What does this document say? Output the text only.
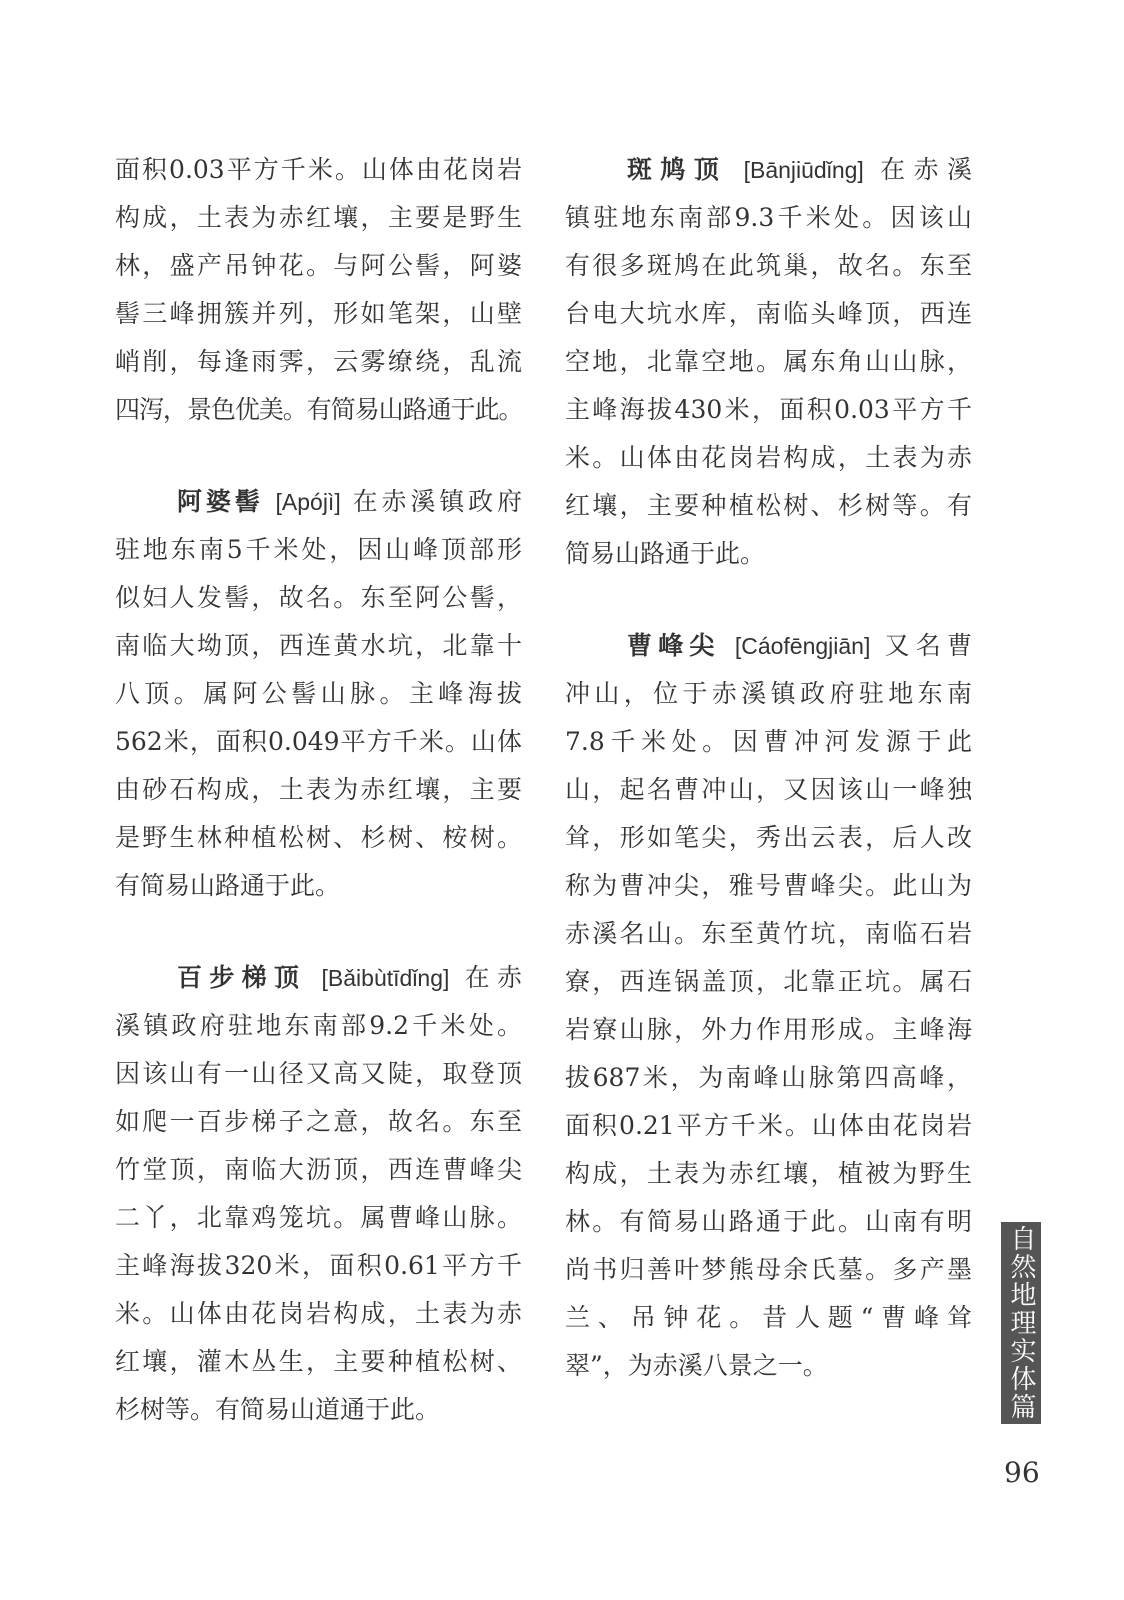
面积0.03平方千米。山体由花岗岩
构成，土表为赤红壤，主要是野生
林，盛产吊钟花。与阿公髻，阿婆
髻三峰拥簇并列，形如笔架，山壁
峭削，每逢雨霁，云雾缭绕，乱流
四泻，景色优美。有简易山路通于此。
阿婆髻 [Apójì] 在赤溪镇政府
驻地东南5千米处，因山峰顶部形
似妇人发髻，故名。东至阿公髻，
南临大坳顶，西连黄水坑，北靠十
八顶。属阿公髻山脉。主峰海拔
562米，面积0.049平方千米。山体
由砂石构成，土表为赤红壤，主要
是野生林种植松树、杉树、桉树。
有简易山路通于此。
百步梯顶 [Bǎibùtīdǐng] 在赤
溪镇政府驻地东南部9.2千米处。
因该山有一山径又高又陡，取登顶
如爬一百步梯子之意，故名。东至
竹堂顶，南临大沥顶，西连曹峰尖
二丫，北靠鸡笼坑。属曹峰山脉。
主峰海拔320米，面积0.61平方千
米。山体由花岗岩构成，土表为赤
红壤，灌木丛生，主要种植松树、
杉树等。有简易山道通于此。
斑鸠顶 [Bānjiūdǐng] 在赤溪
镇驻地东南部9.3千米处。因该山
有很多斑鸠在此筑巢，故名。东至
台电大坑水库，南临头峰顶，西连
空地，北靠空地。属东角山山脉，
主峰海拔430米，面积0.03平方千
米。山体由花岗岩构成，土表为赤
红壤，主要种植松树、杉树等。有
简易山路通于此。
曹峰尖 [Cáofēngjiān] 又名曹
冲山，位于赤溪镇政府驻地东南
7.8千米处。因曹冲河发源于此
山，起名曹冲山，又因该山一峰独
耸，形如笔尖，秀出云表，后人改
称为曹冲尖，雅号曹峰尖。此山为
赤溪名山。东至黄竹坑，南临石岩
寮，西连锅盖顶，北靠正坑。属石
岩寮山脉，外力作用形成。主峰海
拔687米，为南峰山脉第四高峰，
面积0.21平方千米。山体由花岗岩
构成，土表为赤红壤，植被为野生
林。有简易山路通于此。山南有明
尚书归善叶梦熊母余氏墓。多产墨
兰、吊钟花。昔人题“曹峰耸
翠”，为赤溪八景之一。	自然地理实体篇
96
